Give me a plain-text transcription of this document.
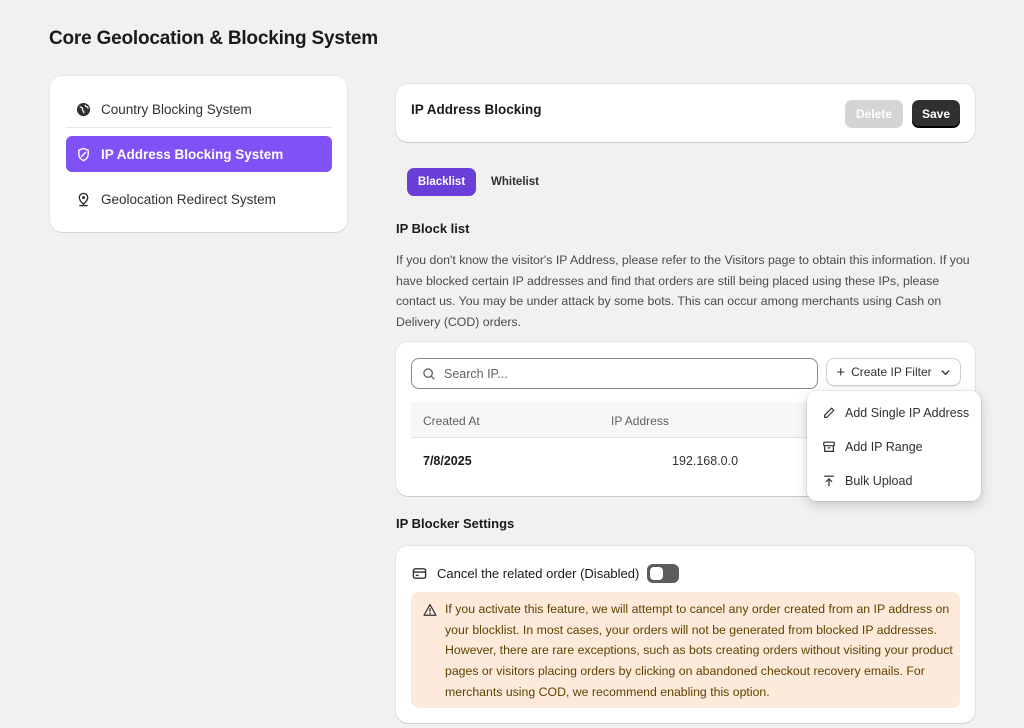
Core Geolocation & Blocking System
Country Blocking System
IP Address Blocking System
Geolocation Redirect System
IP Address Blocking	Delete	Save
Blacklist	Whitelist
IP Block list
If you don't know the visitor's IP Address, please refer to the Visitors page to obtain this information. If you have blocked certain IP addresses and find that orders are still being placed using these IPs, please contact us. You may be under attack by some bots. This can occur among merchants using Cash on Delivery (COD) orders.
Search IP...	+ Create IP Filter
Created At	IP Address
7/8/2025	192.168.0.0
IP Blocker Settings
Cancel the related order (Disabled)
If you activate this feature, we will attempt to cancel any order created from an IP address on your blocklist. In most cases, your orders will not be generated from blocked IP addresses. However, there are rare exceptions, such as bots creating orders without visiting your product pages or visitors placing orders by clicking on abandoned checkout recovery emails. For merchants using COD, we recommend enabling this option.
Add Single IP Address
Add IP Range
Bulk Upload
